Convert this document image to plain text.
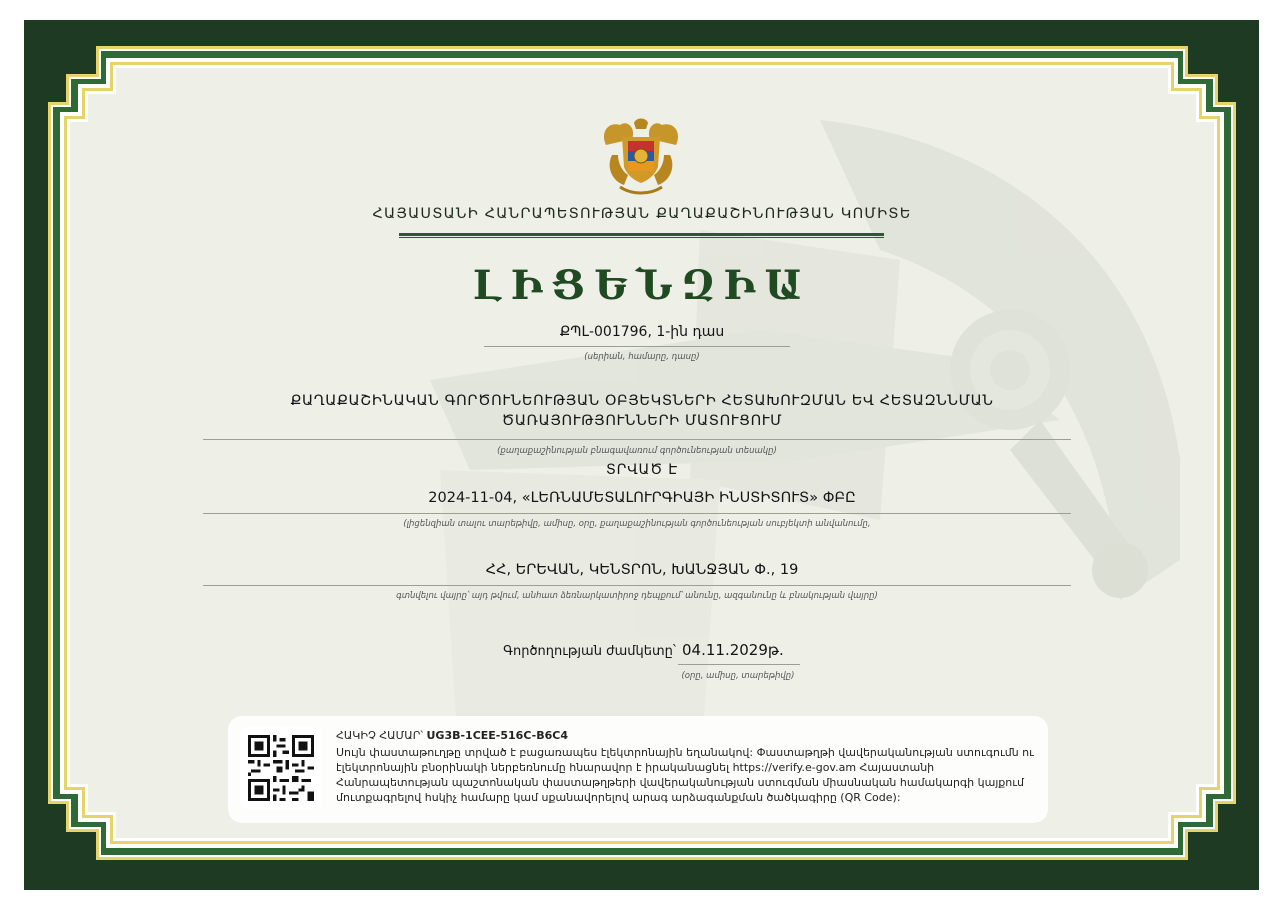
ՀԱՅԱՍՏԱՆԻ ՀԱՆՐԱՊԵՏՈՒԹՅԱՆ ՔԱՂԱՔԱՇԻՆՈՒԹՅԱՆ ԿՈՄԻՏԵ
ԼԻՑԵՆԶԻԱ
ՔՊԼ-001796, 1-ին դաս
(սերիան, համարը, դասը)
ՔԱՂԱՔԱՇԻՆԱԿԱՆ ԳՈՐԾՈՒՆԵՈՒԹՅԱՆ ՕԲՅԵԿՏՆԵՐԻ ՀԵՏԱԽՈՒԶՄԱՆ ԵՎ ՀԵՏԱԶՆՆՄԱՆ
ԾԱՌԱՅՈՒԹՅՈՒՆՆԵՐԻ ՄԱՏՈՒՑՈՒՄ
(քաղաքաշինության բնագավառում գործունեության տեսակը)
ՏՐՎԱԾ Է
2024-11-04, «ԼԵՌՆԱՄԵՏԱԼՈՒՐԳԻԱՅԻ ԻՆՍՏԻՏՈՒՏ» ՓԲԸ
(լիցենզիան տալու տարեթիվը, ամիսը, օրը, քաղաքաշինության գործունեության սուբյեկտի անվանումը,
ՀՀ, ԵՐԵՎԱՆ, ԿԵՆՏՐՈՆ, ԽԱՆՋՅԱՆ Փ., 19
գտնվելու վայրը՝ այդ թվում, անհատ ձեռնարկատիրոջ դեպքում՝ անունը, ազգանունը և բնակության վայրը)
Գործողության ժամկետը՝ 04.11.2029թ.
(օրը, ամիսը, տարեթիվը)
ՀԱԿԻՉ ՀԱՄԱՐ՝ UG3B-1CEE-516C-B6C4
Սույն փաստաթուղթը տրված է բացառապես էլեկտրոնային եղանակով: Փաստաթղթի վավերականության ստուգումն ու էլեկտրոնային բնօրինակի ներբեռնումը հնարավոր է իրականացնել https://verify.e-gov.am Հայաստանի Հանրապետության պաշտոնական փաստաթղթերի վավերականության ստուգման միասնական համակարգի կայքում մուտքագրելով հսկիչ համարը կամ սքանավորելով արագ արձագանքման ծածկագիրը (QR Code):
